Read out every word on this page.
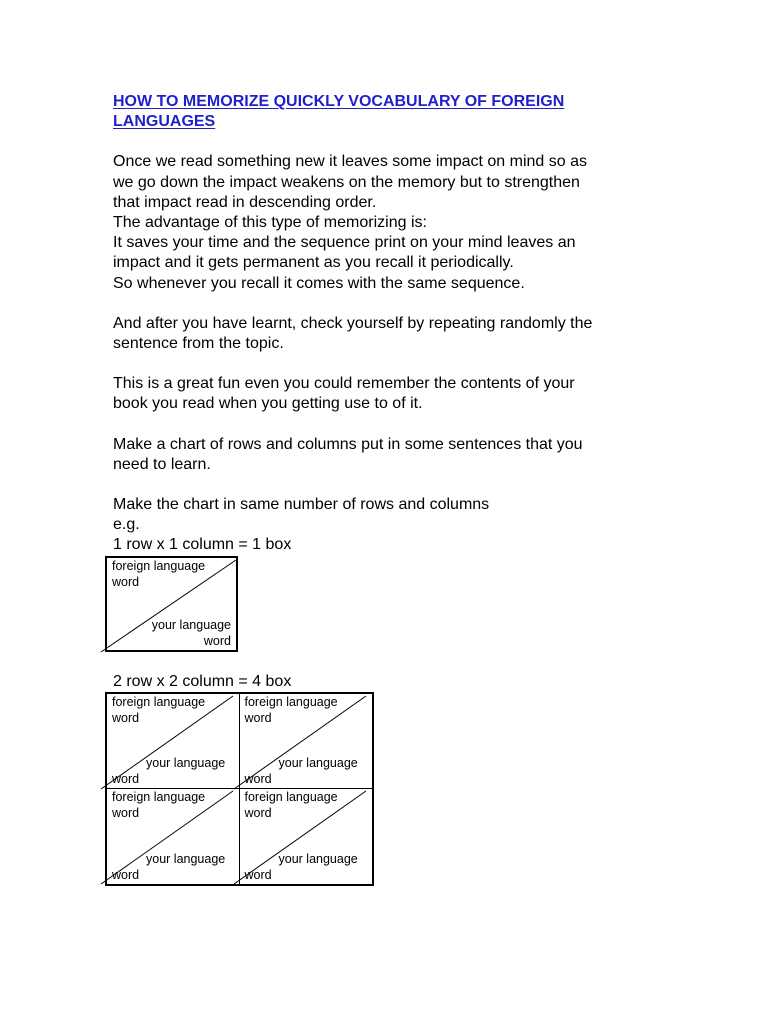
HOW TO MEMORIZE QUICKLY VOCABULARY OF FOREIGN
LANGUAGES
Once we read something new it leaves some impact on mind so as
we go down the impact weakens on the memory but to strengthen
that impact read in descending order.
The advantage of this type of memorizing is:
It saves your time and the sequence print on your mind leaves an
impact and it gets permanent as you recall it periodically.
So whenever you recall it comes with the same sequence.
And after you have learnt, check yourself by repeating randomly the
sentence from the topic.
This is a great fun even you could remember the contents of your
book you read when you getting use to of it.
Make a chart of rows and columns put in some sentences that you
need to learn.
Make the chart in same number of rows and columns
e.g.
1 row x 1 column = 1 box
foreign language word
your language
word
2 row x 2 column = 4 box
foreign language word
your language
word
foreign language word
your language
word
foreign language word
your language
word
foreign language word
your language
word
